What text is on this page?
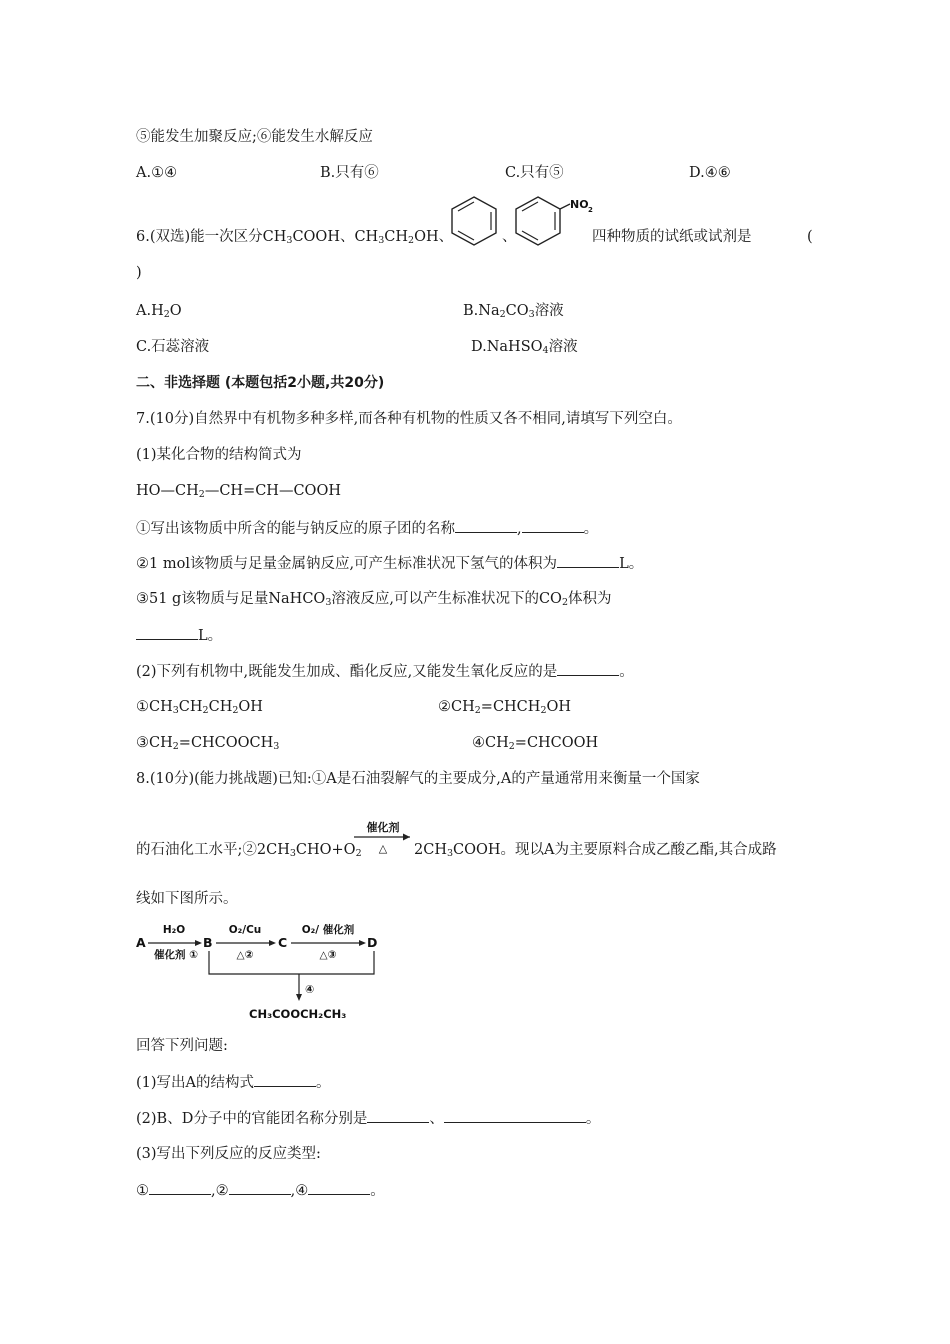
⑤能发生加聚反应;⑥能发生水解反应
A.①④	B.只有⑥	C.只有⑤	D.④⑥
6.(双选)能一次区分$CH_3COOH$、$CH_3CH_2OH$、	、
NO 2
四种物质的试纸或试剂是	(
)
$A.H_2O$	$B.Na_2CO_3$溶液
C.石蕊溶液	D.NaHSO$_4$溶液
二、非选择题 (本题包括2小题,共20分)
7.(10分)自然界中有机物多种多样,而各种有机物的性质又各不相同,请填写下列空白。
(1)某化合物的结构简式为
$HO—CH_2—CH=CH—COOH$
①写出该物质中所含的能与钠反应的原子团的名称	,	。
②1 mol该物质与足量金属钠反应,可产生标准状况下氢气的体积为	L。
③51 g该物质与足量NaHCO$_3$溶液反应,可以产生标准状况下的$CO_2$体积为
L。
(2)下列有机物中,既能发生加成、酯化反应,又能发生氧化反应的是	。
$①CH_3CH_2CH_2OH$	$②CH_2=CHCH_2OH$
$③CH_2=CHCOOCH_3$	$④CH_2=CHCOOH$
8.(10分)(能力挑战题)已知:①A是石油裂解气的主要成分,A的产量通常用来衡量一个国家
的石油化工水平$;②2CH_3CHO+O_2$
催化剂
△ $2CH_3COOH$。现以A为主要原料合成乙酸乙酯,其合成路
线如下图所示。
A
H₂O
催化剂 ①
B
O₂/Cu
△②
C
O₂/ 催化剂
△③
D
④
CH₃COOCH₂CH₃
回答下列问题:
(1)写出A的结构式	。
(2)B、D分子中的官能团名称分别是	、	。
(3)写出下列反应的反应类型:
①	,②	,④	。
